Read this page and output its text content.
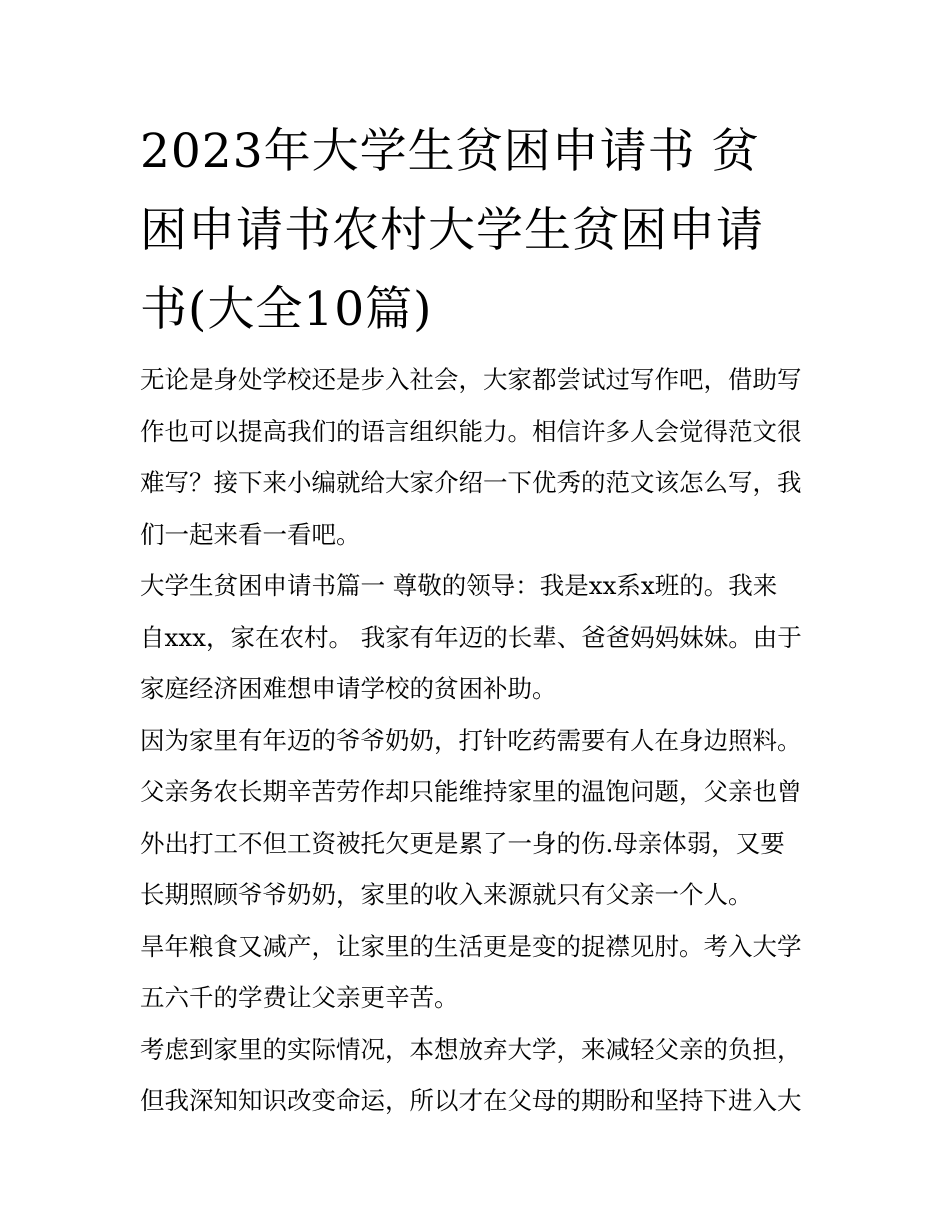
2023年大学生贫困申请书 贫
困申请书农村大学生贫困申请
书(大全10篇)
无论是身处学校还是步入社会，大家都尝试过写作吧，借助写
作也可以提高我们的语言组织能力。相信许多人会觉得范文很
难写？接下来小编就给大家介绍一下优秀的范文该怎么写，我
们一起来看一看吧。
大学生贫困申请书篇一 尊敬的领导：我是xx系x班的。我来
自xxx，家在农村。 我家有年迈的长辈、爸爸妈妈妹妹。由于
家庭经济困难想申请学校的贫困补助。
因为家里有年迈的爷爷奶奶，打针吃药需要有人在身边照料。
父亲务农长期辛苦劳作却只能维持家里的温饱问题，父亲也曾
外出打工不但工资被托欠更是累了一身的伤.母亲体弱，又要
长期照顾爷爷奶奶，家里的收入来源就只有父亲一个人。
旱年粮食又减产，让家里的生活更是变的捉襟见肘。考入大学
五六千的学费让父亲更辛苦。
考虑到家里的实际情况，本想放弃大学，来减轻父亲的负担，
但我深知知识改变命运，所以才在父母的期盼和坚持下进入大
